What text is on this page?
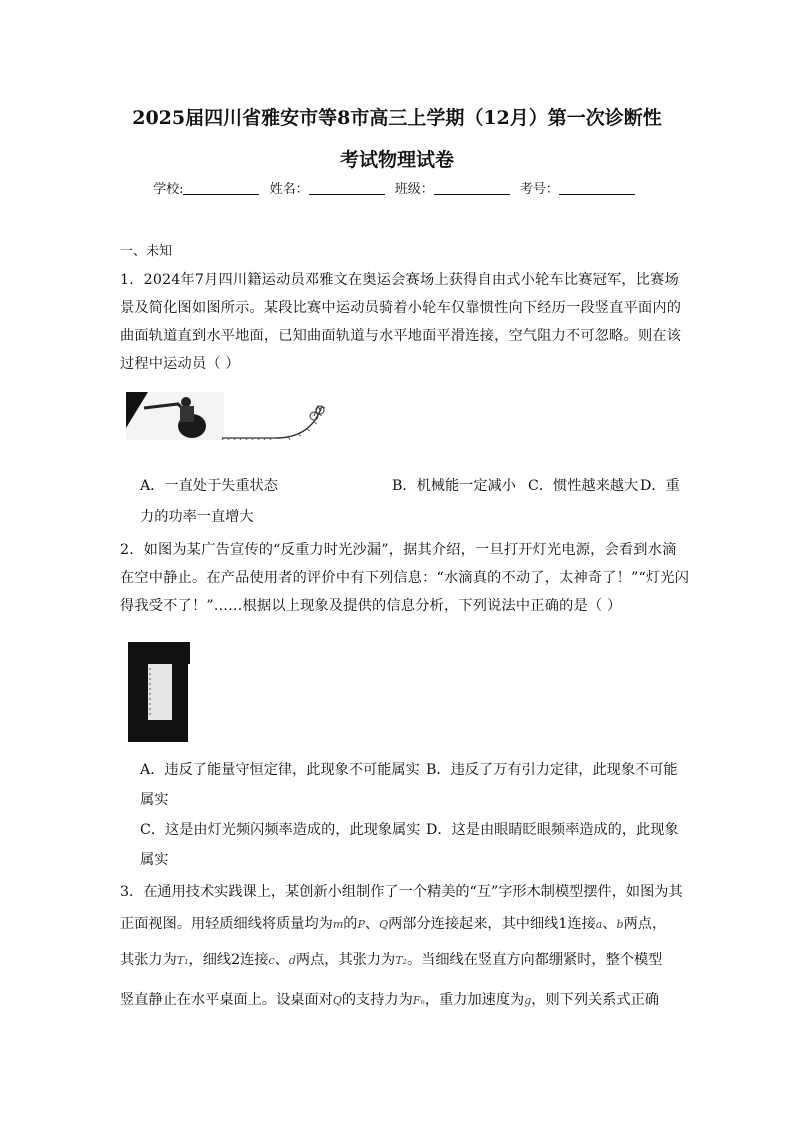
2025届四川省雅安市等8市高三上学期（12月）第一次诊断性
考试物理试卷
学校:	姓名：	班级：	考号：
一、未知
1．2024年7月四川籍运动员邓雅文在奥运会赛场上获得自由式小轮车比赛冠军，比赛场景及简化图如图所示。某段比赛中运动员骑着小轮车仅靠惯性向下经历一段竖直平面内的曲面轨道直到水平地面，已知曲面轨道与水平地面平滑连接，空气阻力不可忽略。则在该过程中运动员（ ）
A．一直处于失重状态	B．机械能一定减小 C．惯性越来越大 D．重
力的功率一直增大
2．如图为某广告宣传的“反重力时光沙漏”，据其介绍，一旦打开灯光电源，会看到水滴在空中静止。在产品使用者的评价中有下列信息：“水滴真的不动了，太神奇了！”“灯光闪得我受不了！”……根据以上现象及提供的信息分析，下列说法中正确的是（ ）
A．违反了能量守恒定律，此现象不可能属实 B．违反了万有引力定律，此现象不可能
属实
C．这是由灯光频闪频率造成的，此现象属实 D．这是由眼睛眨眼频率造成的，此现象
属实
3．在通用技术实践课上，某创新小组制作了一个精美的“互”字形木制模型摆件，如图为其
正面视图。用轻质细线将质量均为m的P、Q两部分连接起来，其中细线1连接a、b两点，
其张力为T₁，细线2连接c、d两点，其张力为T₂。当细线在竖直方向都绷紧时，整个模型
竖直静止在水平桌面上。设桌面对Q的支持力为Fₙ，重力加速度为g，则下列关系式正确
